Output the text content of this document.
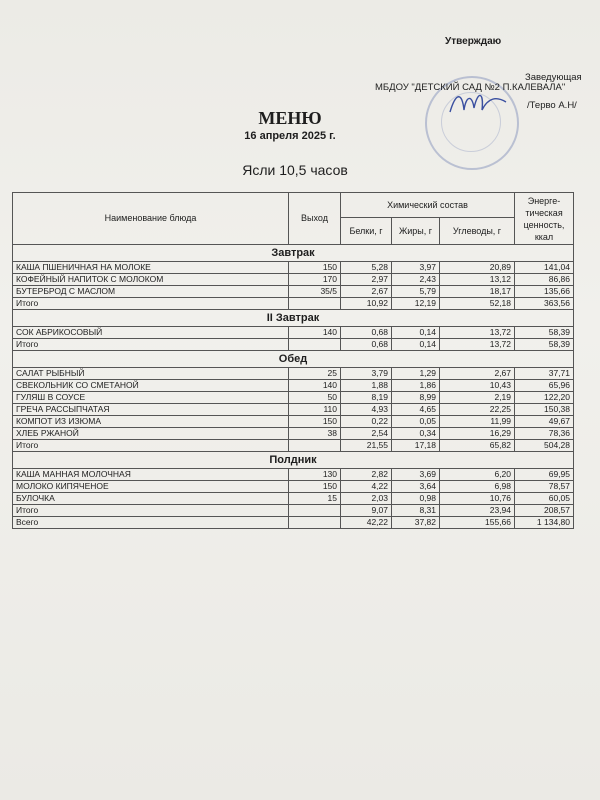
Утверждаю
Заведующая
МБДОУ "ДЕТСКИЙ САД №2 П.КАЛЕВАЛА"
/Терво А.Н/
МЕНЮ
16 апреля 2025 г.
Ясли 10,5 часов
Наименование блюда	Выход	Химический состав			Энерге-тическая ценность, ккал
		Белки, г	Жиры, г	Углеводы, г	
Завтрак					
КАША ПШЕНИЧНАЯ НА МОЛОКЕ	150	5,28	3,97	20,89	141,04
КОФЕЙНЫЙ НАПИТОК С МОЛОКОМ	170	2,97	2,43	13,12	86,86
БУТЕРБРОД С МАСЛОМ	35/5	2,67	5,79	18,17	135,66
Итого		10,92	12,19	52,18	363,56
II Завтрак					
СОК АБРИКОСОВЫЙ	140	0,68	0,14	13,72	58,39
Итого		0,68	0,14	13,72	58,39
Обед					
САЛАТ РЫБНЫЙ	25	3,79	1,29	2,67	37,71
СВЕКОЛЬНИК СО СМЕТАНОЙ	140	1,88	1,86	10,43	65,96
ГУЛЯШ В СОУСЕ	50	8,19	8,99	2,19	122,20
ГРЕЧА РАССЫПЧАТАЯ	110	4,93	4,65	22,25	150,38
КОМПОТ ИЗ ИЗЮМА	150	0,22	0,05	11,99	49,67
ХЛЕБ РЖАНОЙ	38	2,54	0,34	16,29	78,36
Итого		21,55	17,18	65,82	504,28
Полдник					
КАША МАННАЯ МОЛОЧНАЯ	130	2,82	3,69	6,20	69,95
МОЛОКО КИПЯЧЕНОЕ	150	4,22	3,64	6,98	78,57
БУЛОЧКА	15	2,03	0,98	10,76	60,05
Итого		9,07	8,31	23,94	208,57
Всего		42,22	37,82	155,66	1 134,80
